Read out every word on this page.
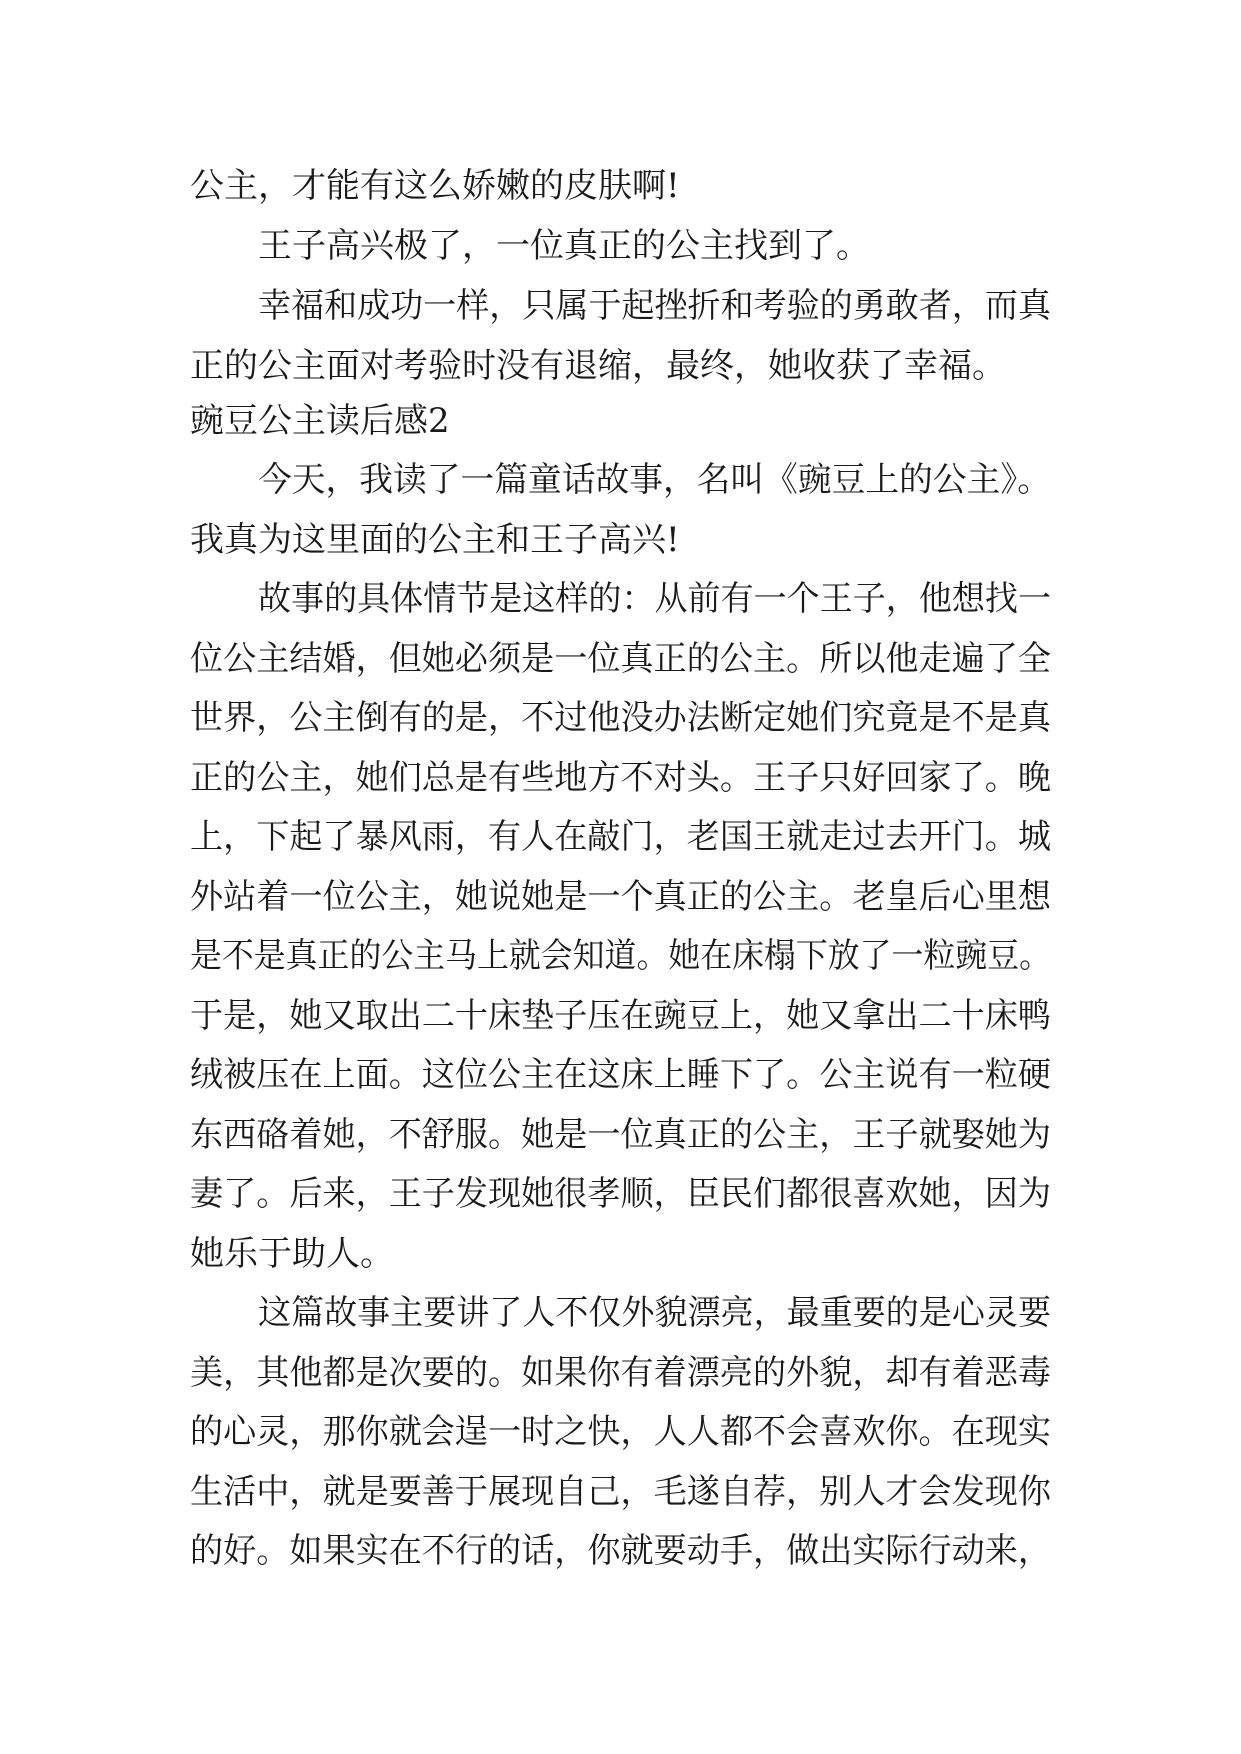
公主，才能有这么娇嫩的皮肤啊!
王子高兴极了，一位真正的公主找到了。
幸福和成功一样，只属于起挫折和考验的勇敢者，而真
正的公主面对考验时没有退缩，最终，她收获了幸福。
豌豆公主读后感2
今天，我读了一篇童话故事，名叫《豌豆上的公主》。
我真为这里面的公主和王子高兴!
故事的具体情节是这样的：从前有一个王子，他想找一
位公主结婚，但她必须是一位真正的公主。所以他走遍了全
世界，公主倒有的是，不过他没办法断定她们究竟是不是真
正的公主，她们总是有些地方不对头。王子只好回家了。晚
上，下起了暴风雨，有人在敲门，老国王就走过去开门。城
外站着一位公主，她说她是一个真正的公主。老皇后心里想
是不是真正的公主马上就会知道。她在床榻下放了一粒豌豆。
于是，她又取出二十床垫子压在豌豆上，她又拿出二十床鸭
绒被压在上面。这位公主在这床上睡下了。公主说有一粒硬
东西硌着她，不舒服。她是一位真正的公主，王子就娶她为
妻了。后来，王子发现她很孝顺，臣民们都很喜欢她，因为
她乐于助人。
这篇故事主要讲了人不仅外貌漂亮，最重要的是心灵要
美，其他都是次要的。如果你有着漂亮的外貌，却有着恶毒
的心灵，那你就会逞一时之快，人人都不会喜欢你。在现实
生活中，就是要善于展现自己，毛遂自荐，别人才会发现你
的好。如果实在不行的话，你就要动手，做出实际行动来，
